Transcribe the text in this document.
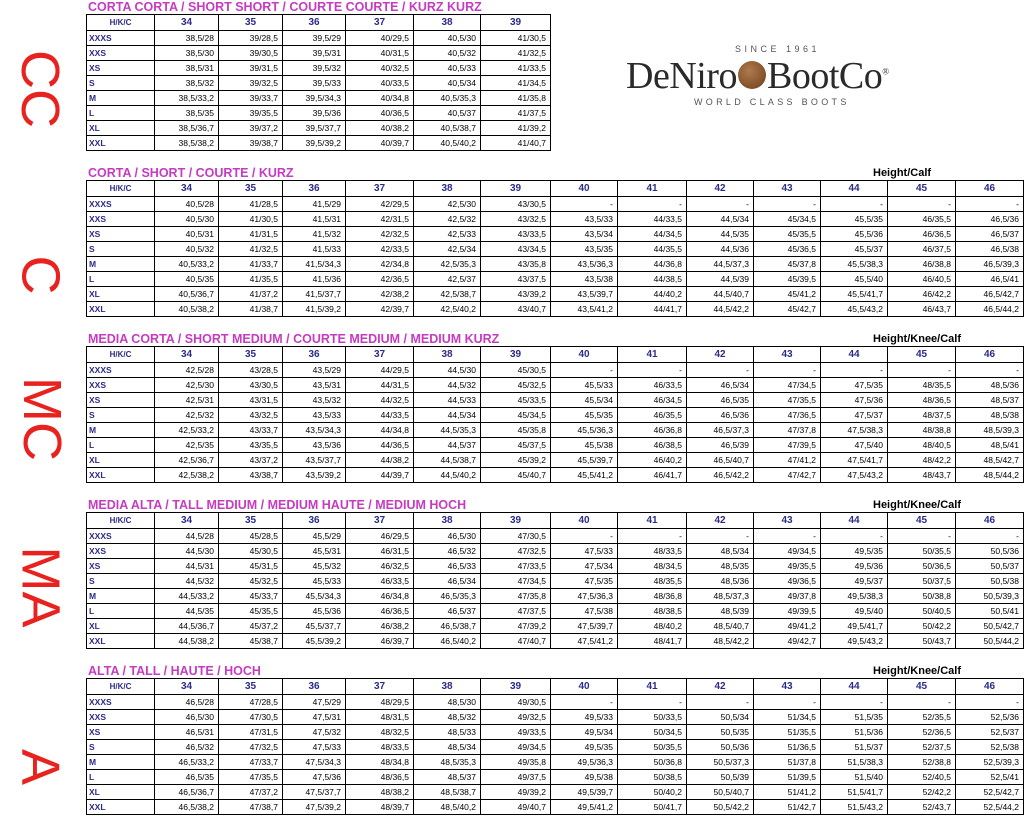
CC
C
MC
MA
A
SINCE 1961
DeNiro BootCo®
WORLD CLASS BOOTS
CORTA CORTA / SHORT SHORT / COURTE COURTE / KURZ KURZ
H/K/C	34	35	36	37	38	39
XXXS	38,5/28	39/28,5	39,5/29	40/29,5	40,5/30	41/30,5
XXS	38,5/30	39/30,5	39,5/31	40/31,5	40,5/32	41/32,5
XS	38,5/31	39/31,5	39,5/32	40/32,5	40,5/33	41/33,5
S	38,5/32	39/32,5	39,5/33	40/33,5	40,5/34	41/34,5
M	38,5/33,2	39/33,7	39,5/34,3	40/34,8	40,5/35,3	41/35,8
L	38,5/35	39/35,5	39,5/36	40/36,5	40,5/37	41/37,5
XL	38,5/36,7	39/37,2	39,5/37,7	40/38,2	40,5/38,7	41/39,2
XXL	38,5/38,2	39/38,7	39,5/39,2	40/39,7	40,5/40,2	41/40,7
CORTA / SHORT / COURTE / KURZ	Height/Calf
H/K/C	34	35	36	37	38	39	40	41	42	43	44	45	46
XXXS	40,5/28	41/28,5	41,5/29	42/29,5	42,5/30	43/30,5	-	-	-	-	-	-	-
XXS	40,5/30	41/30,5	41,5/31	42/31,5	42,5/32	43/32,5	43,5/33	44/33,5	44,5/34	45/34,5	45,5/35	46/35,5	46,5/36
XS	40,5/31	41/31,5	41,5/32	42/32,5	42,5/33	43/33,5	43,5/34	44/34,5	44,5/35	45/35,5	45,5/36	46/36,5	46,5/37
S	40,5/32	41/32,5	41,5/33	42/33,5	42,5/34	43/34,5	43,5/35	44/35,5	44,5/36	45/36,5	45,5/37	46/37,5	46,5/38
M	40,5/33,2	41/33,7	41,5/34,3	42/34,8	42,5/35,3	43/35,8	43,5/36,3	44/36,8	44,5/37,3	45/37,8	45,5/38,3	46/38,8	46,5/39,3
L	40,5/35	41/35,5	41,5/36	42/36,5	42,5/37	43/37,5	43,5/38	44/38,5	44,5/39	45/39,5	45,5/40	46/40,5	46,5/41
XL	40,5/36,7	41/37,2	41,5/37,7	42/38,2	42,5/38,7	43/39,2	43,5/39,7	44/40,2	44,5/40,7	45/41,2	45,5/41,7	46/42,2	46,5/42,7
XXL	40,5/38,2	41/38,7	41,5/39,2	42/39,7	42,5/40,2	43/40,7	43,5/41,2	44/41,7	44,5/42,2	45/42,7	45,5/43,2	46/43,7	46,5/44,2
MEDIA CORTA / SHORT MEDIUM / COURTE MEDIUM / MEDIUM KURZ	Height/Knee/Calf
H/K/C	34	35	36	37	38	39	40	41	42	43	44	45	46
XXXS	42,5/28	43/28,5	43,5/29	44/29,5	44,5/30	45/30,5	-	-	-	-	-	-	-
XXS	42,5/30	43/30,5	43,5/31	44/31,5	44,5/32	45/32,5	45,5/33	46/33,5	46,5/34	47/34,5	47,5/35	48/35,5	48,5/36
XS	42,5/31	43/31,5	43,5/32	44/32,5	44,5/33	45/33,5	45,5/34	46/34,5	46,5/35	47/35,5	47,5/36	48/36,5	48,5/37
S	42,5/32	43/32,5	43,5/33	44/33,5	44,5/34	45/34,5	45,5/35	46/35,5	46,5/36	47/36,5	47,5/37	48/37,5	48,5/38
M	42,5/33,2	43/33,7	43,5/34,3	44/34,8	44,5/35,3	45/35,8	45,5/36,3	46/36,8	46,5/37,3	47/37,8	47,5/38,3	48/38,8	48,5/39,3
L	42,5/35	43/35,5	43,5/36	44/36,5	44,5/37	45/37,5	45,5/38	46/38,5	46,5/39	47/39,5	47,5/40	48/40,5	48,5/41
XL	42,5/36,7	43/37,2	43,5/37,7	44/38,2	44,5/38,7	45/39,2	45,5/39,7	46/40,2	46,5/40,7	47/41,2	47,5/41,7	48/42,2	48,5/42,7
XXL	42,5/38,2	43/38,7	43,5/39,2	44/39,7	44,5/40,2	45/40,7	45,5/41,2	46/41,7	46,5/42,2	47/42,7	47,5/43,2	48/43,7	48,5/44,2
MEDIA ALTA / TALL MEDIUM / MEDIUM HAUTE / MEDIUM HOCH	Height/Knee/Calf
H/K/C	34	35	36	37	38	39	40	41	42	43	44	45	46
XXXS	44,5/28	45/28,5	45,5/29	46/29,5	46,5/30	47/30,5	-	-	-	-	-	-	-
XXS	44,5/30	45/30,5	45,5/31	46/31,5	46,5/32	47/32,5	47,5/33	48/33,5	48,5/34	49/34,5	49,5/35	50/35,5	50,5/36
XS	44,5/31	45/31,5	45,5/32	46/32,5	46,5/33	47/33,5	47,5/34	48/34,5	48,5/35	49/35,5	49,5/36	50/36,5	50,5/37
S	44,5/32	45/32,5	45,5/33	46/33,5	46,5/34	47/34,5	47,5/35	48/35,5	48,5/36	49/36,5	49,5/37	50/37,5	50,5/38
M	44,5/33,2	45/33,7	45,5/34,3	46/34,8	46,5/35,3	47/35,8	47,5/36,3	48/36,8	48,5/37,3	49/37,8	49,5/38,3	50/38,8	50,5/39,3
L	44,5/35	45/35,5	45,5/36	46/36,5	46,5/37	47/37,5	47,5/38	48/38,5	48,5/39	49/39,5	49,5/40	50/40,5	50,5/41
XL	44,5/36,7	45/37,2	45,5/37,7	46/38,2	46,5/38,7	47/39,2	47,5/39,7	48/40,2	48,5/40,7	49/41,2	49,5/41,7	50/42,2	50,5/42,7
XXL	44,5/38,2	45/38,7	45,5/39,2	46/39,7	46,5/40,2	47/40,7	47,5/41,2	48/41,7	48,5/42,2	49/42,7	49,5/43,2	50/43,7	50,5/44,2
ALTA / TALL / HAUTE / HOCH	Height/Knee/Calf
H/K/C	34	35	36	37	38	39	40	41	42	43	44	45	46
XXXS	46,5/28	47/28,5	47,5/29	48/29,5	48,5/30	49/30,5	-	-	-	-	-	-	-
XXS	46,5/30	47/30,5	47,5/31	48/31,5	48,5/32	49/32,5	49,5/33	50/33,5	50,5/34	51/34,5	51,5/35	52/35,5	52,5/36
XS	46,5/31	47/31,5	47,5/32	48/32,5	48,5/33	49/33,5	49,5/34	50/34,5	50,5/35	51/35,5	51,5/36	52/36,5	52,5/37
S	46,5/32	47/32,5	47,5/33	48/33,5	48,5/34	49/34,5	49,5/35	50/35,5	50,5/36	51/36,5	51,5/37	52/37,5	52,5/38
M	46,5/33,2	47/33,7	47,5/34,3	48/34,8	48,5/35,3	49/35,8	49,5/36,3	50/36,8	50,5/37,3	51/37,8	51,5/38,3	52/38,8	52,5/39,3
L	46,5/35	47/35,5	47,5/36	48/36,5	48,5/37	49/37,5	49,5/38	50/38,5	50,5/39	51/39,5	51,5/40	52/40,5	52,5/41
XL	46,5/36,7	47/37,2	47,5/37,7	48/38,2	48,5/38,7	49/39,2	49,5/39,7	50/40,2	50,5/40,7	51/41,2	51,5/41,7	52/42,2	52,5/42,7
XXL	46,5/38,2	47/38,7	47,5/39,2	48/39,7	48,5/40,2	49/40,7	49,5/41,2	50/41,7	50,5/42,2	51/42,7	51,5/43,2	52/43,7	52,5/44,2
